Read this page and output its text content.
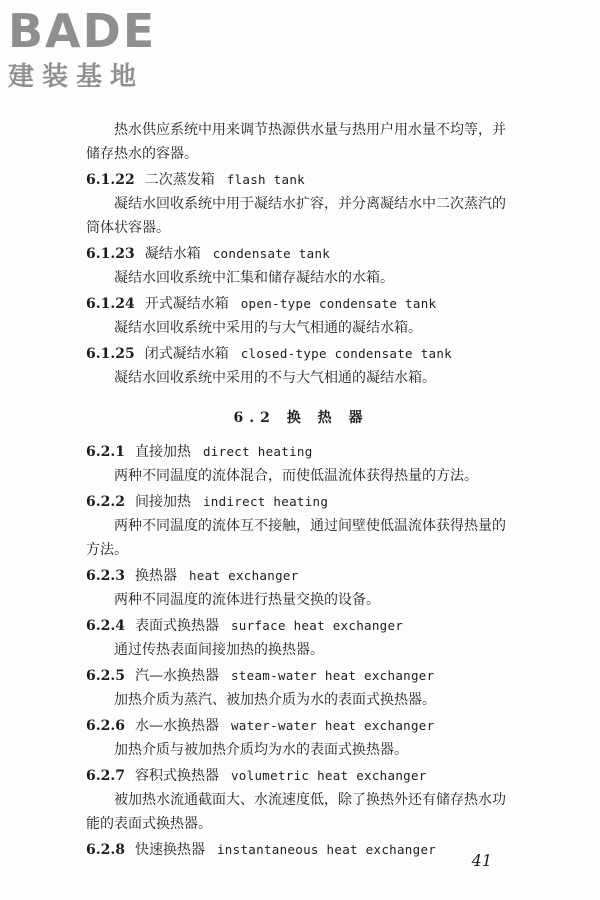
BADE
建装基地

热水供应系统中用来调节热源供水量与热用户用水量不均等，并储存热水的容器。

6.1.22 二次蒸发箱 flash tank

凝结水回收系统中用于凝结水扩容，并分离凝结水中二次蒸汽的筒体状容器。

6.1.23 凝结水箱 condensate tank

凝结水回收系统中汇集和储存凝结水的水箱。

6.1.24 开式凝结水箱 open-type condensate tank

凝结水回收系统中采用的与大气相通的凝结水箱。

6.1.25 闭式凝结水箱 closed-type condensate tank

凝结水回收系统中采用的不与大气相通的凝结水箱。

6.2 换 热 器
6.2.1 直接加热 direct heating

两种不同温度的流体混合，而使低温流体获得热量的方法。

6.2.2 间接加热 indirect heating

两种不同温度的流体互不接触，通过间壁使低温流体获得热量的方法。

6.2.3 换热器 heat exchanger

两种不同温度的流体进行热量交换的设备。

6.2.4 表面式换热器 surface heat exchanger

通过传热表面间接加热的换热器。

6.2.5 汽—水换热器 steam-water heat exchanger

加热介质为蒸汽、被加热介质为水的表面式换热器。

6.2.6 水—水换热器 water-water heat exchanger

加热介质与被加热介质均为水的表面式换热器。

6.2.7 容积式换热器 volumetric heat exchanger

被加热水流通截面大、水流速度低，除了换热外还有储存热水功能的表面式换热器。

6.2.8 快速换热器 instantaneous heat exchanger
41
